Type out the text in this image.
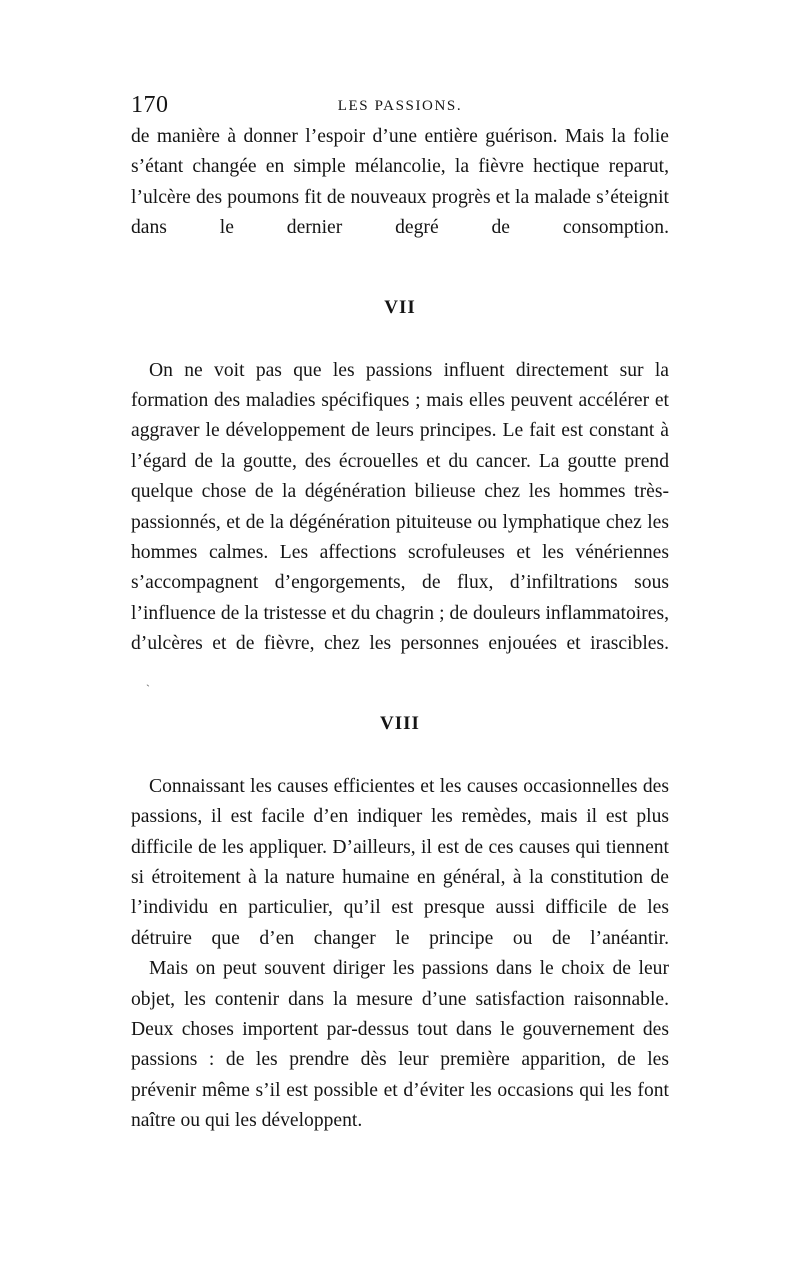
170	LES PASSIONS.

de manière à donner l’espoir d’une entière guérison. Mais la folie s’étant changée en simple mélancolie, la fièvre hectique reparut, l’ulcère des poumons fit de nouveaux progrès et la malade s’éteignit dans le dernier degré de consomption.

VII

On ne voit pas que les passions influent directement sur la formation des maladies spécifiques ; mais elles peuvent accélérer et aggraver le développement de leurs principes. Le fait est constant à l’égard de la goutte, des écrouelles et du cancer. La goutte prend quelque chose de la dégénération bilieuse chez les hommes très-passionnés, et de la dégénération pituiteuse ou lymphatique chez les hommes calmes. Les affections scrofuleuses et les vénériennes s’accompagnent d’engorgements, de flux, d’infiltrations sous l’influence de la tristesse et du chagrin ; de douleurs inflammatoires, d’ulcères et de fièvre, chez les personnes enjouées et irascibles.

VIII

Connaissant les causes efficientes et les causes occasionnelles des passions, il est facile d’en indiquer les remèdes, mais il est plus difficile de les appliquer. D’ailleurs, il est de ces causes qui tiennent si étroitement à la nature humaine en général, à la constitution de l’individu en particulier, qu’il est presque aussi difficile de les détruire que d’en changer le principe ou de l’anéantir.

Mais on peut souvent diriger les passions dans le choix de leur objet, les contenir dans la mesure d’une satisfaction raisonnable. Deux choses importent par-dessus tout dans le gouvernement des passions : de les prendre dès leur première apparition, de les prévenir même s’il est possible et d’éviter les occasions qui les font naître ou qui les développent.

`
